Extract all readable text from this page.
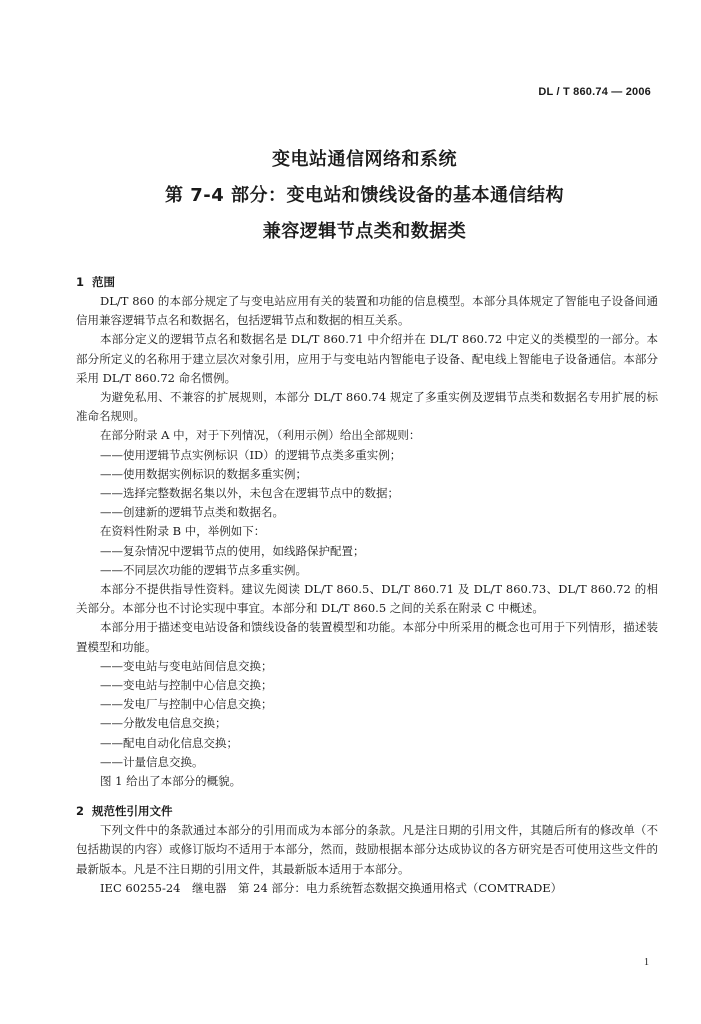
DL / T 860.74 — 2006
变电站通信网络和系统
第 7-4 部分：变电站和馈线设备的基本通信结构
兼容逻辑节点类和数据类
1 范围

DL/T 860 的本部分规定了与变电站应用有关的装置和功能的信息模型。本部分具体规定了智能电子设备间通信用兼容逻辑节点名和数据名，包括逻辑节点和数据的相互关系。

本部分定义的逻辑节点名和数据名是 DL/T 860.71 中介绍并在 DL/T 860.72 中定义的类模型的一部分。本部分所定义的名称用于建立层次对象引用，应用于与变电站内智能电子设备、配电线上智能电子设备通信。本部分采用 DL/T 860.72 命名惯例。

为避免私用、不兼容的扩展规则，本部分 DL/T 860.74 规定了多重实例及逻辑节点类和数据名专用扩展的标准命名规则。

在部分附录 A 中，对于下列情况，（利用示例）给出全部规则：

——使用逻辑节点实例标识（ID）的逻辑节点类多重实例；

——使用数据实例标识的数据多重实例；

——选择完整数据名集以外，未包含在逻辑节点中的数据；

——创建新的逻辑节点类和数据名。

在资料性附录 B 中，举例如下：

——复杂情况中逻辑节点的使用，如线路保护配置；

——不同层次功能的逻辑节点多重实例。

本部分不提供指导性资料。建议先阅读 DL/T 860.5、DL/T 860.71 及 DL/T 860.73、DL/T 860.72 的相关部分。本部分也不讨论实现中事宜。本部分和 DL/T 860.5 之间的关系在附录 C 中概述。

本部分用于描述变电站设备和馈线设备的装置模型和功能。本部分中所采用的概念也可用于下列情形，描述装置模型和功能。

——变电站与变电站间信息交换；

——变电站与控制中心信息交换；

——发电厂与控制中心信息交换；

——分散发电信息交换；

——配电自动化信息交换；

——计量信息交换。

图 1 给出了本部分的概貌。

2 规范性引用文件

下列文件中的条款通过本部分的引用而成为本部分的条款。凡是注日期的引用文件，其随后所有的修改单（不包括勘误的内容）或修订版均不适用于本部分，然而，鼓励根据本部分达成协议的各方研究是否可使用这些文件的最新版本。凡是不注日期的引用文件，其最新版本适用于本部分。

IEC 60255-24　继电器　第 24 部分：电力系统暂态数据交换通用格式（COMTRADE）

1
